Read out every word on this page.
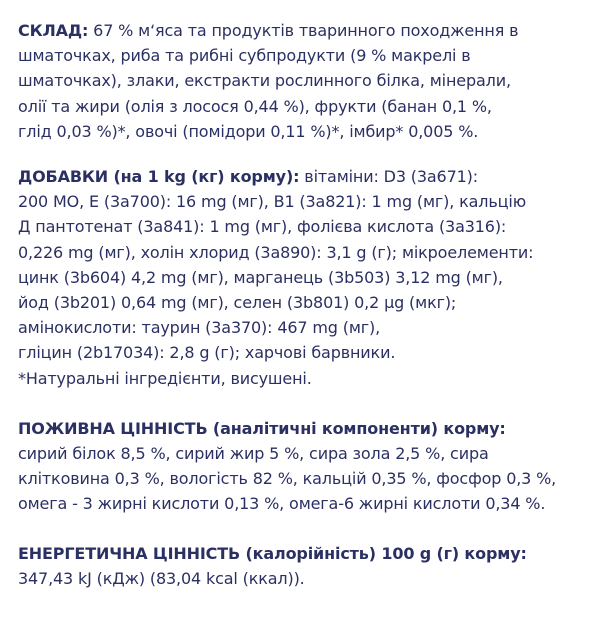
СКЛАД: 67 % м‘яса та продуктів тваринного походження в
шматочках, риба та рибні субпродукти (9 % макрелі в
шматочках), злаки, екстракти рослинного білка, мінерали,
олії та жири (олія з лосося 0,44 %), фрукти (банан 0,1 %,
глід 0,03 %)*, овочі (помідори 0,11 %)*, імбир* 0,005 %.

ДОБАВКИ (на 1 kg (кг) корму): вітаміни: D3 (3a671):
200 МО, E (3a700): 16 mg (мг), B1 (3a821): 1 mg (мг), кальцію
Д пантотенат (3a841): 1 mg (мг), фолієва кислота (3a316):
0,226 mg (мг), холін хлорид (3a890): 3,1 g (г); мікроелементи:
цинк (3b604) 4,2 mg (мг), марганець (3b503) 3,12 mg (мг),
йод (3b201) 0,64 mg (мг), селен (3b801) 0,2 µg (мкг);
амінокислоти: таурин (3a370): 467 mg (мг),
гліцин (2b17034): 2,8 g (г); харчові барвники.
*Натуральні інгредієнти, висушені.

ПОЖИВНА ЦІННІСТЬ (аналітичні компоненти) корму:
сирий білок 8,5 %, сирий жир 5 %, сира зола 2,5 %, сира
клітковина 0,3 %, вологість 82 %, кальцій 0,35 %, фосфор 0,3 %,
омега - 3 жирні кислоти 0,13 %, омега-6 жирні кислоти 0,34 %.

ЕНЕРГЕТИЧНА ЦІННІСТЬ (калорійність) 100 g (г) корму:
347,43 kJ (кДж) (83,04 kcal (ккал)).
